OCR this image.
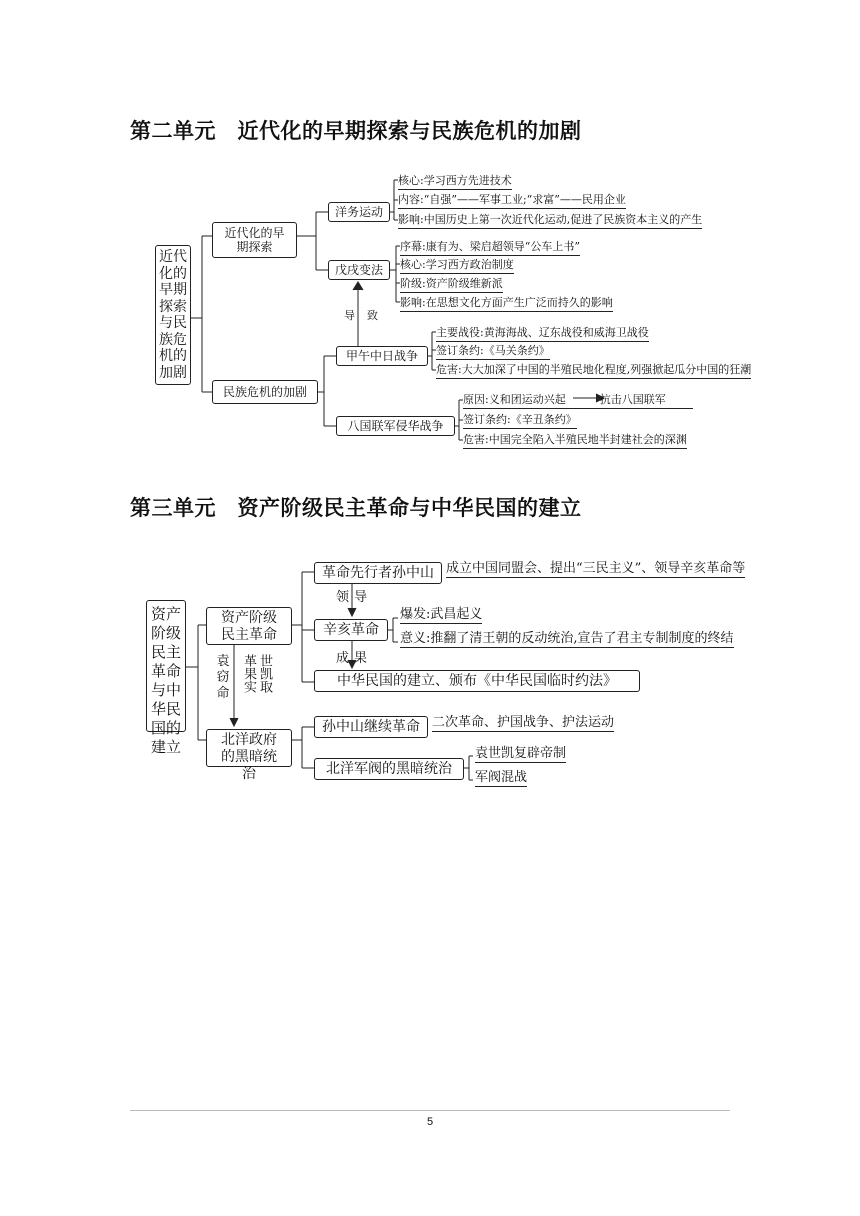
第二单元　近代化的早期探索与民族危机的加剧
近代化的早期探索与民族危机的加剧
近代化的早期探索
民族危机的加剧
洋务运动
核心:学习西方先进技术
内容:“自强”——军事工业;“求富”——民用企业
影响:中国历史上第一次近代化运动,促进了民族资本主义的产生
戊戌变法
序幕:康有为、梁启超领导“公车上书”
核心:学习西方政治制度
阶级:资产阶级维新派
影响:在思想文化方面产生广泛而持久的影响
导致
甲午中日战争
主要战役:黄海海战、辽东战役和威海卫战役
签订条约:《马关条约》
危害:大大加深了中国的半殖民地化程度,列强掀起瓜分中国的狂潮
八国联军侵华战争
原因:义和团运动兴起	抗击八国联军
签订条约:《辛丑条约》
危害:中国完全陷入半殖民地半封建社会的深渊
第三单元　资产阶级民主革命与中华民国的建立
资产阶级民主革命与中华民国的建立
资产阶级民主革命
北洋政府的黑暗统治
革命先行者孙中山 成立中国同盟会、提出“三民主义”、领导辛亥革命等
领导
辛亥革命
爆发:武昌起义
意义:推翻了清王朝的反动统治,宣告了君主专制制度的终结
成果
中华民国的建立、颁布《中华民国临时约法》
袁窃命
世凯取革果实
孙中山继续革命 二次革命、护国战争、护法运动
北洋军阀的黑暗统治
袁世凯复辟帝制
军阀混战
5
